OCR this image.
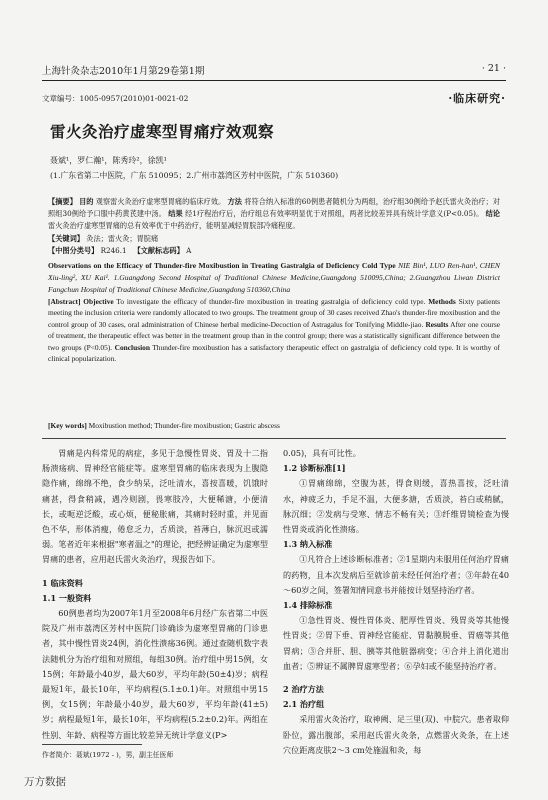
上海针灸杂志2010年1月第29卷第1期	· 21 ·
文章编号：1005-0957(2010)01-0021-02	·临床研究·
雷火灸治疗虚寒型胃痛疗效观察
聂斌¹，罗仁瀚¹，陈秀玲²，徐凯¹
(1.广东省第二中医院，广东 510095；2.广州市荔湾区芳村中医院，广东 510360)
【摘要】 目的 观察雷火灸治疗虚寒型胃痛的临床疗效。 方法 将符合纳入标准的60例患者随机分为两组，治疗组30例给予赵氏雷火灸治疗；对照组30例给予口服中药黄芪建中汤。 结果 经1疗程治疗后，治疗组总有效率明显优于对照组，两者比较差异具有统计学意义(P<0.05)。 结论 雷火灸治疗虚寒型胃痛的总有效率优于中药治疗，能明显减轻胃脘部冷痛程度。
【关键词】 灸法；雷火灸；胃脘痛
【中图分类号】 R246.1 【文献标志码】 A
Observations on the Efficacy of Thunder-fire Moxibustion in Treating Gastralgia of Deficiency Cold Type NIE Bin¹, LUO Ren-han¹, CHEN Xiu-ling², XU Kai¹. 1.Guangdong Second Hospital of Traditional Chinese Medicine,Guangdong 510095,China; 2.Guangzhou Liwan District Fangchun Hospital of Traditional Chinese Medicine,Guangdong 510360,China
[Abstract] Objective To investigate the efficacy of thunder-fire moxibustion in treating gastralgia of deficiency cold type. Methods Sixty patients meeting the inclusion criteria were randomly allocated to two groups. The treatment group of 30 cases received Zhao's thunder-fire moxibustion and the control group of 30 cases, oral administration of Chinese herbal medicine-Decoction of Astragalus for Tonifying Middle-jiao. Results After one course of treatment, the therapeutic effect was better in the treatment group than in the control group; there was a statistically significant difference between the two groups (P<0.05). Conclusion Thunder-fire moxibustion has a satisfactory therapeutic effect on gastralgia of deficiency cold type. It is worthy of clinical popularization.
[Key words] Moxibustion method; Thunder-fire moxibustion; Gastric abscess

胃痛是内科常见的病症，多见于急慢性胃炎、胃及十二指肠溃疡病、胃神经官能症等。虚寒型胃痛的临床表现为上腹隐隐作痛，绵绵不绝，食少纳呆，泛吐清水，喜按喜暖，饥饿时痛甚，得食稍减，遇冷则剧，畏寒肢冷，大便稀溏，小便清长，或呃逆泛酸，或心烦，便秘胀痛，其痛时轻时重，并见面色不华，形体消瘦，倦怠乏力，舌质淡，苔薄白，脉沉迟或濡弱。笔者近年来根据"寒者温之"的理论，把经辨证确定为虚寒型胃痛的患者，应用赵氏雷火灸治疗，现报告如下。

1 临床资料

1.1 一般资料

60例患者均为2007年1月至2008年6月经广东省第二中医院及广州市荔湾区芳村中医院门诊确诊为虚寒型胃痛的门诊患者，其中慢性胃炎24例，消化性溃疡36例。通过查随机数字表法随机分为治疗组和对照组，每组30例。治疗组中男15例，女15例；年龄最小40岁，最大60岁，平均年龄(50±4)岁；病程最短1年，最长10年，平均病程(5.1±0.1)年。对照组中男15例，女15例；年龄最小40岁，最大60岁，平均年龄(41±5)岁；病程最短1年，最长10年，平均病程(5.2±0.2)年。两组在性别、年龄、病程等方面比较差异无统计学意义(P>

0.05)，具有可比性。

1.2 诊断标准[1]

①胃痛绵绵，空腹为甚，得食则缓，喜热喜按，泛吐清水，神疲乏力，手足不温，大便多溏，舌质淡，苔白或稍腻，脉沉细；②发病与受寒、情志不畅有关；③纤维胃镜检查为慢性胃炎或消化性溃疡。

1.3 纳入标准

①凡符合上述诊断标准者；②1星期内未服用任何治疗胃痛的药物，且本次发病后至就诊前未经任何治疗者；③年龄在40～60岁之间，签署知情同意书并能按计划坚持治疗者。

1.4 排除标准

①急性胃炎、慢性胃体炎、肥厚性胃炎、残胃炎等其他慢性胃炎；②胃下垂、胃神经官能症、胃黏膜脱垂、胃癌等其他胃病；③合并肝、胆、胰等其他脏器病变；④合并上消化道出血者；⑤辨证不属脾胃虚寒型者；⑥孕妇或不能坚持治疗者。

2 治疗方法

2.1 治疗组

采用雷火灸治疗，取神阙、足三里(双)、中脘穴。患者取仰卧位，露出腹部，采用赵氏雷火灸条，点燃雷火灸条，在上述穴位距离皮肤2～3 cm处施温和灸，每

作者简介：聂斌(1972 - )，男，副主任医师
万方数据
